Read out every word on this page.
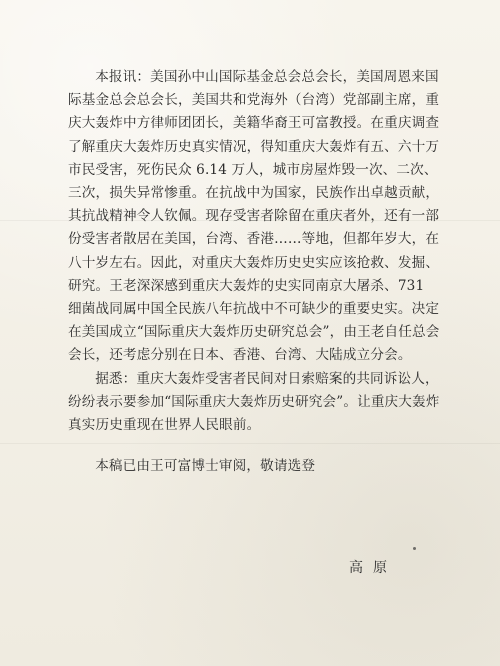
本报讯：美国孙中山国际基金总会总会长，美国周恩来国际基金总会总会长，美国共和党海外（台湾）党部副主席，重庆大轰炸中方律师团团长，美籍华裔王可富教授。在重庆调查了解重庆大轰炸历史真实情况，得知重庆大轰炸有五、六十万市民受害，死伤民众 6.14 万人，城市房屋炸毁一次、二次、三次，损失异常惨重。在抗战中为国家，民族作出卓越贡献，其抗战精神令人钦佩。现存受害者除留在重庆者外，还有一部份受害者散居在美国，台湾、香港……等地，但都年岁大，在八十岁左右。因此，对重庆大轰炸历史史实应该抢救、发掘、研究。王老深深感到重庆大轰炸的史实同南京大屠杀、731 细菌战同属中国全民族八年抗战中不可缺少的重要史实。决定在美国成立“国际重庆大轰炸历史研究总会”，由王老自任总会会长，还考虑分别在日本、香港、台湾、大陆成立分会。

据悉：重庆大轰炸受害者民间对日索赔案的共同诉讼人，纷纷表示要参加“国际重庆大轰炸历史研究会”。让重庆大轰炸真实历史重现在世界人民眼前。

本稿已由王可富博士审阅，敬请选登

高原
